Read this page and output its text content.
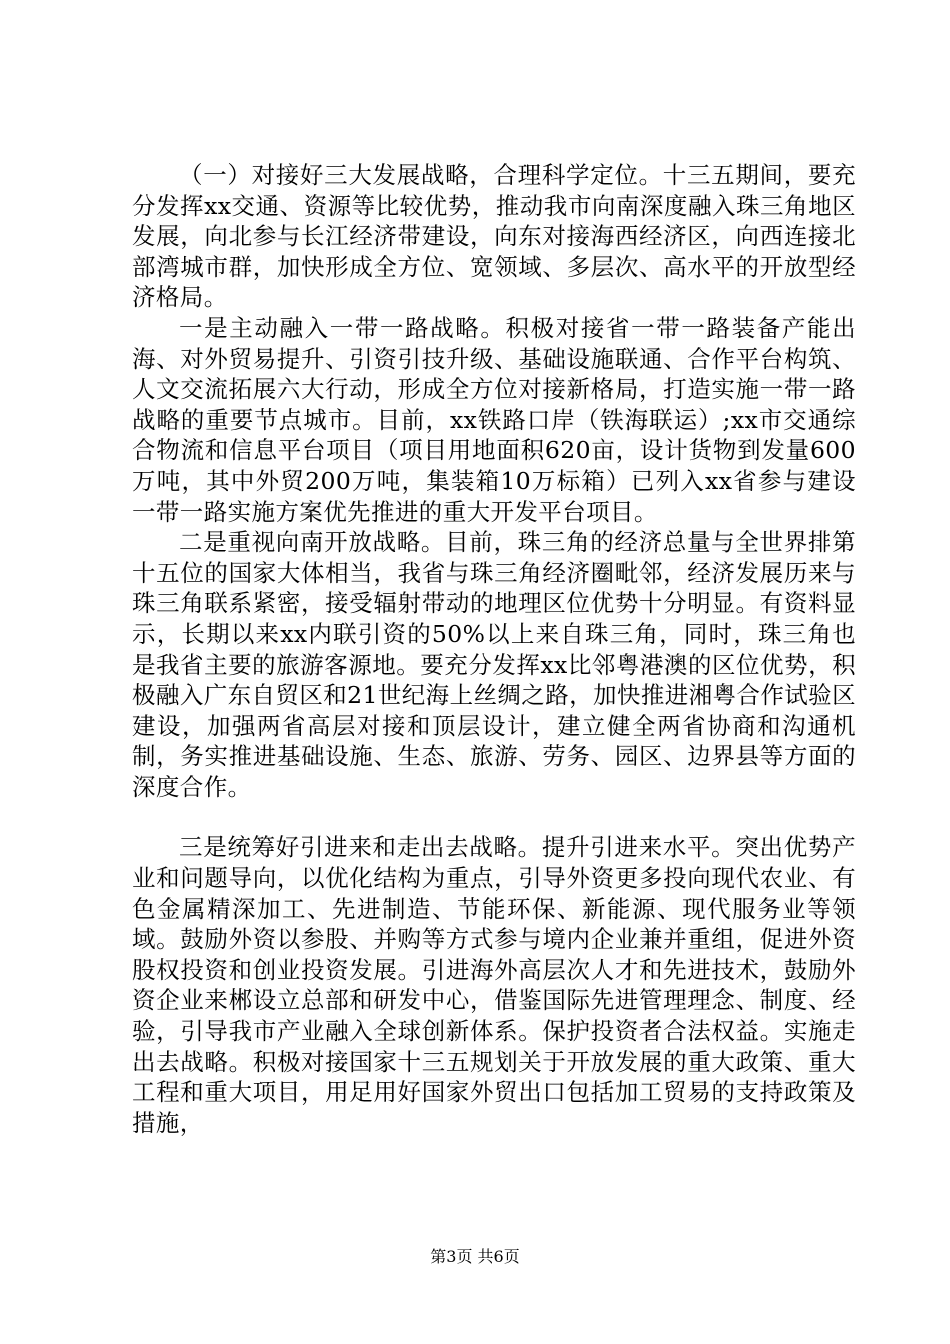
（一）对接好三大发展战略，合理科学定位。十三五期间，要充分发挥xx交通、资源等比较优势，推动我市向南深度融入珠三角地区发展，向北参与长江经济带建设，向东对接海西经济区，向西连接北部湾城市群，加快形成全方位、宽领域、多层次、高水平的开放型经济格局。

一是主动融入一带一路战略。积极对接省一带一路装备产能出海、对外贸易提升、引资引技升级、基础设施联通、合作平台构筑、人文交流拓展六大行动，形成全方位对接新格局，打造实施一带一路战略的重要节点城市。目前，xx铁路口岸（铁海联运）;xx市交通综合物流和信息平台项目（项目用地面积620亩，设计货物到发量600万吨，其中外贸200万吨，集装箱10万标箱）已列入xx省参与建设一带一路实施方案优先推进的重大开发平台项目。

二是重视向南开放战略。目前，珠三角的经济总量与全世界排第十五位的国家大体相当，我省与珠三角经济圈毗邻，经济发展历来与珠三角联系紧密，接受辐射带动的地理区位优势十分明显。有资料显示，长期以来xx内联引资的50%以上来自珠三角，同时，珠三角也是我省主要的旅游客源地。要充分发挥xx比邻粤港澳的区位优势，积极融入广东自贸区和21世纪海上丝绸之路，加快推进湘粤合作试验区建设，加强两省高层对接和顶层设计，建立健全两省协商和沟通机制，务实推进基础设施、生态、旅游、劳务、园区、边界县等方面的深度合作。

三是统筹好引进来和走出去战略。提升引进来水平。突出优势产业和问题导向，以优化结构为重点，引导外资更多投向现代农业、有色金属精深加工、先进制造、节能环保、新能源、现代服务业等领域。鼓励外资以参股、并购等方式参与境内企业兼并重组，促进外资股权投资和创业投资发展。引进海外高层次人才和先进技术，鼓励外资企业来郴设立总部和研发中心，借鉴国际先进管理理念、制度、经验，引导我市产业融入全球创新体系。保护投资者合法权益。实施走出去战略。积极对接国家十三五规划关于开放发展的重大政策、重大工程和重大项目，用足用好国家外贸出口包括加工贸易的支持政策及措施，

第3页 共6页
